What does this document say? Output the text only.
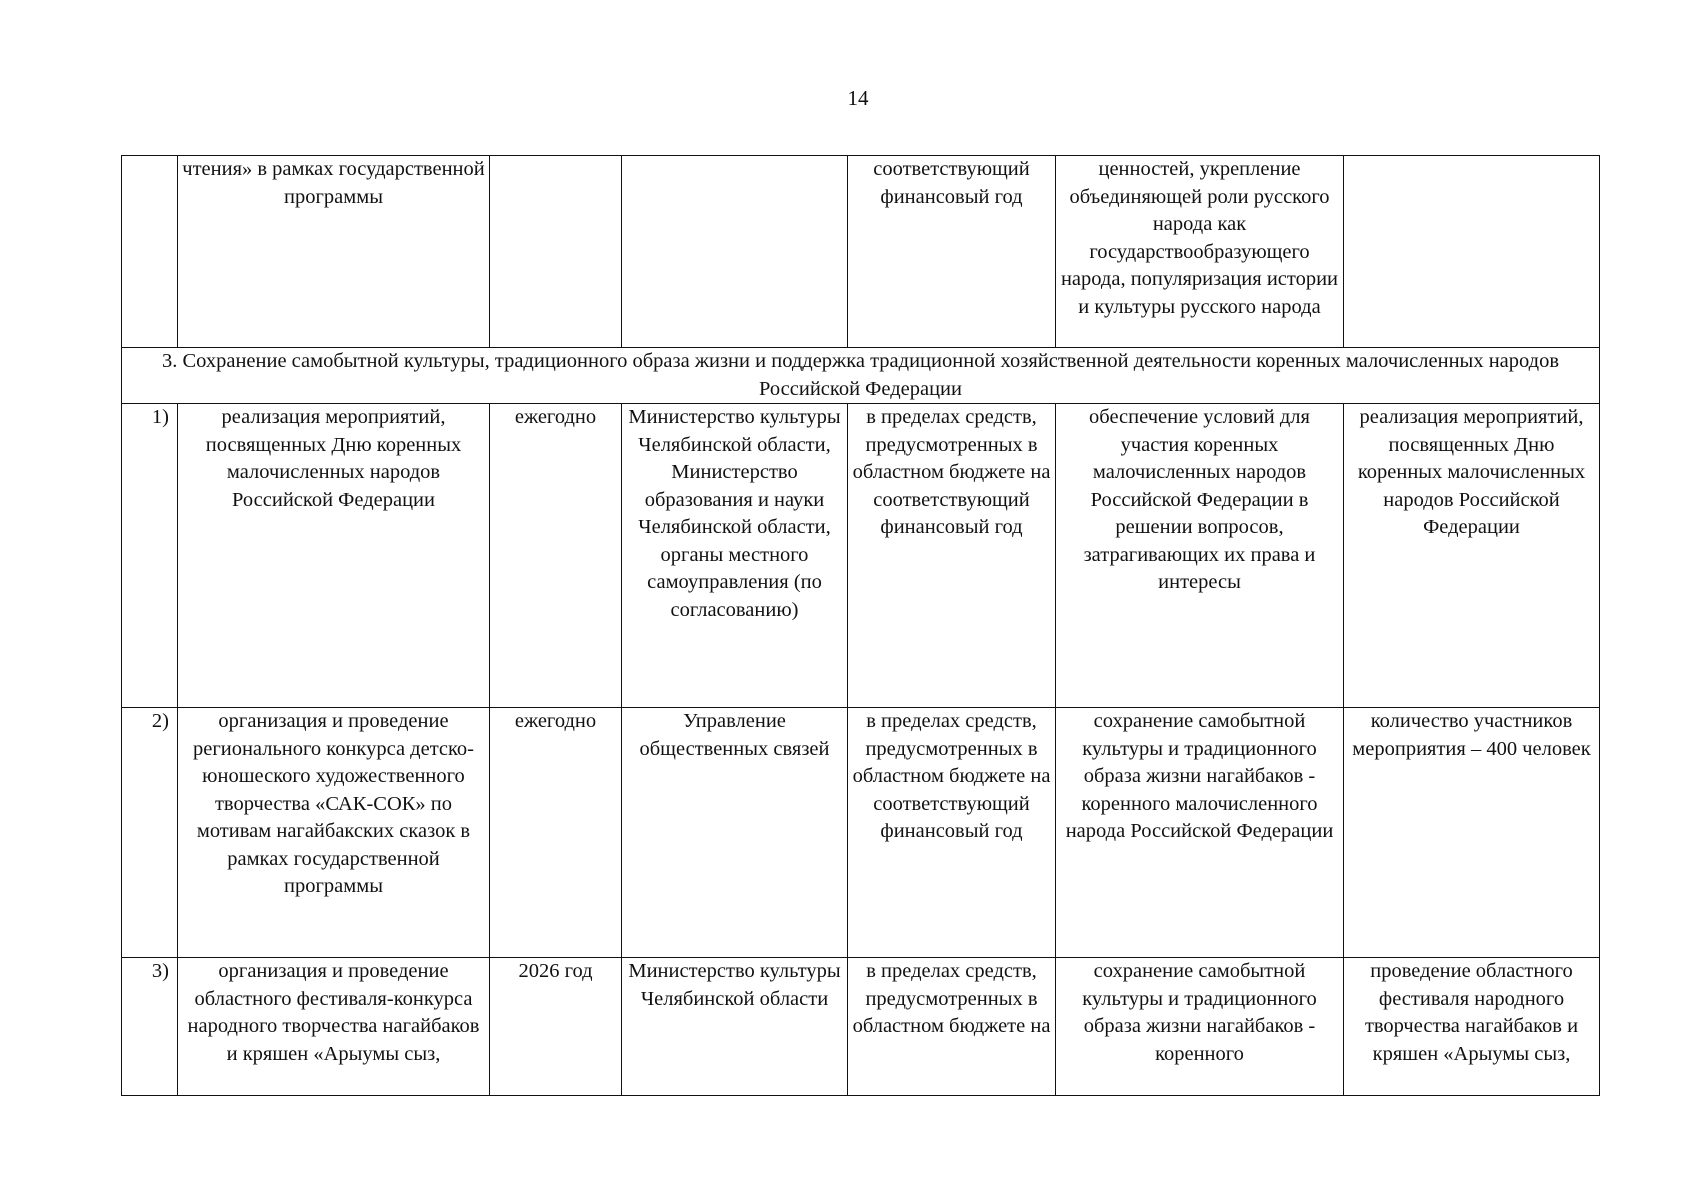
14
	чтения» в рамках государственной программы			соответствующий финансовый год	ценностей, укрепление объединяющей роли русского народа как государствообразующего народа, популяризация истории и культуры русского народа	
3. Сохранение самобытной культуры, традиционного образа жизни и поддержка традиционной хозяйственной деятельности коренных малочисленных народов Российской Федерации						
1)	реализация мероприятий, посвященных Дню коренных малочисленных народов Российской Федерации	ежегодно	Министерство культуры Челябинской области, Министерство образования и науки Челябинской области, органы местного самоуправления (по согласованию)	в пределах средств, предусмотренных в областном бюджете на соответствующий финансовый год	обеспечение условий для участия коренных малочисленных народов Российской Федерации в решении вопросов, затрагивающих их права и интересы	реализация мероприятий, посвященных Дню коренных малочисленных народов Российской Федерации
2)	организация и проведение регионального конкурса детско-юношеского художественного творчества «САК-СОК» по мотивам нагайбакских сказок в рамках государственной программы	ежегодно	Управление общественных связей	в пределах средств, предусмотренных в областном бюджете на соответствующий финансовый год	сохранение самобытной культуры и традиционного образа жизни нагайбаков - коренного малочисленного народа Российской Федерации	количество участников мероприятия – 400 человек
3)	организация и проведение областного фестиваля-конкурса народного творчества нагайбаков и кряшен «Арыумы сыз,	2026 год	Министерство культуры Челябинской области	в пределах средств, предусмотренных в областном бюджете на	сохранение самобытной культуры и традиционного образа жизни нагайбаков - коренного	проведение областного фестиваля народного творчества нагайбаков и кряшен «Арыумы сыз,
